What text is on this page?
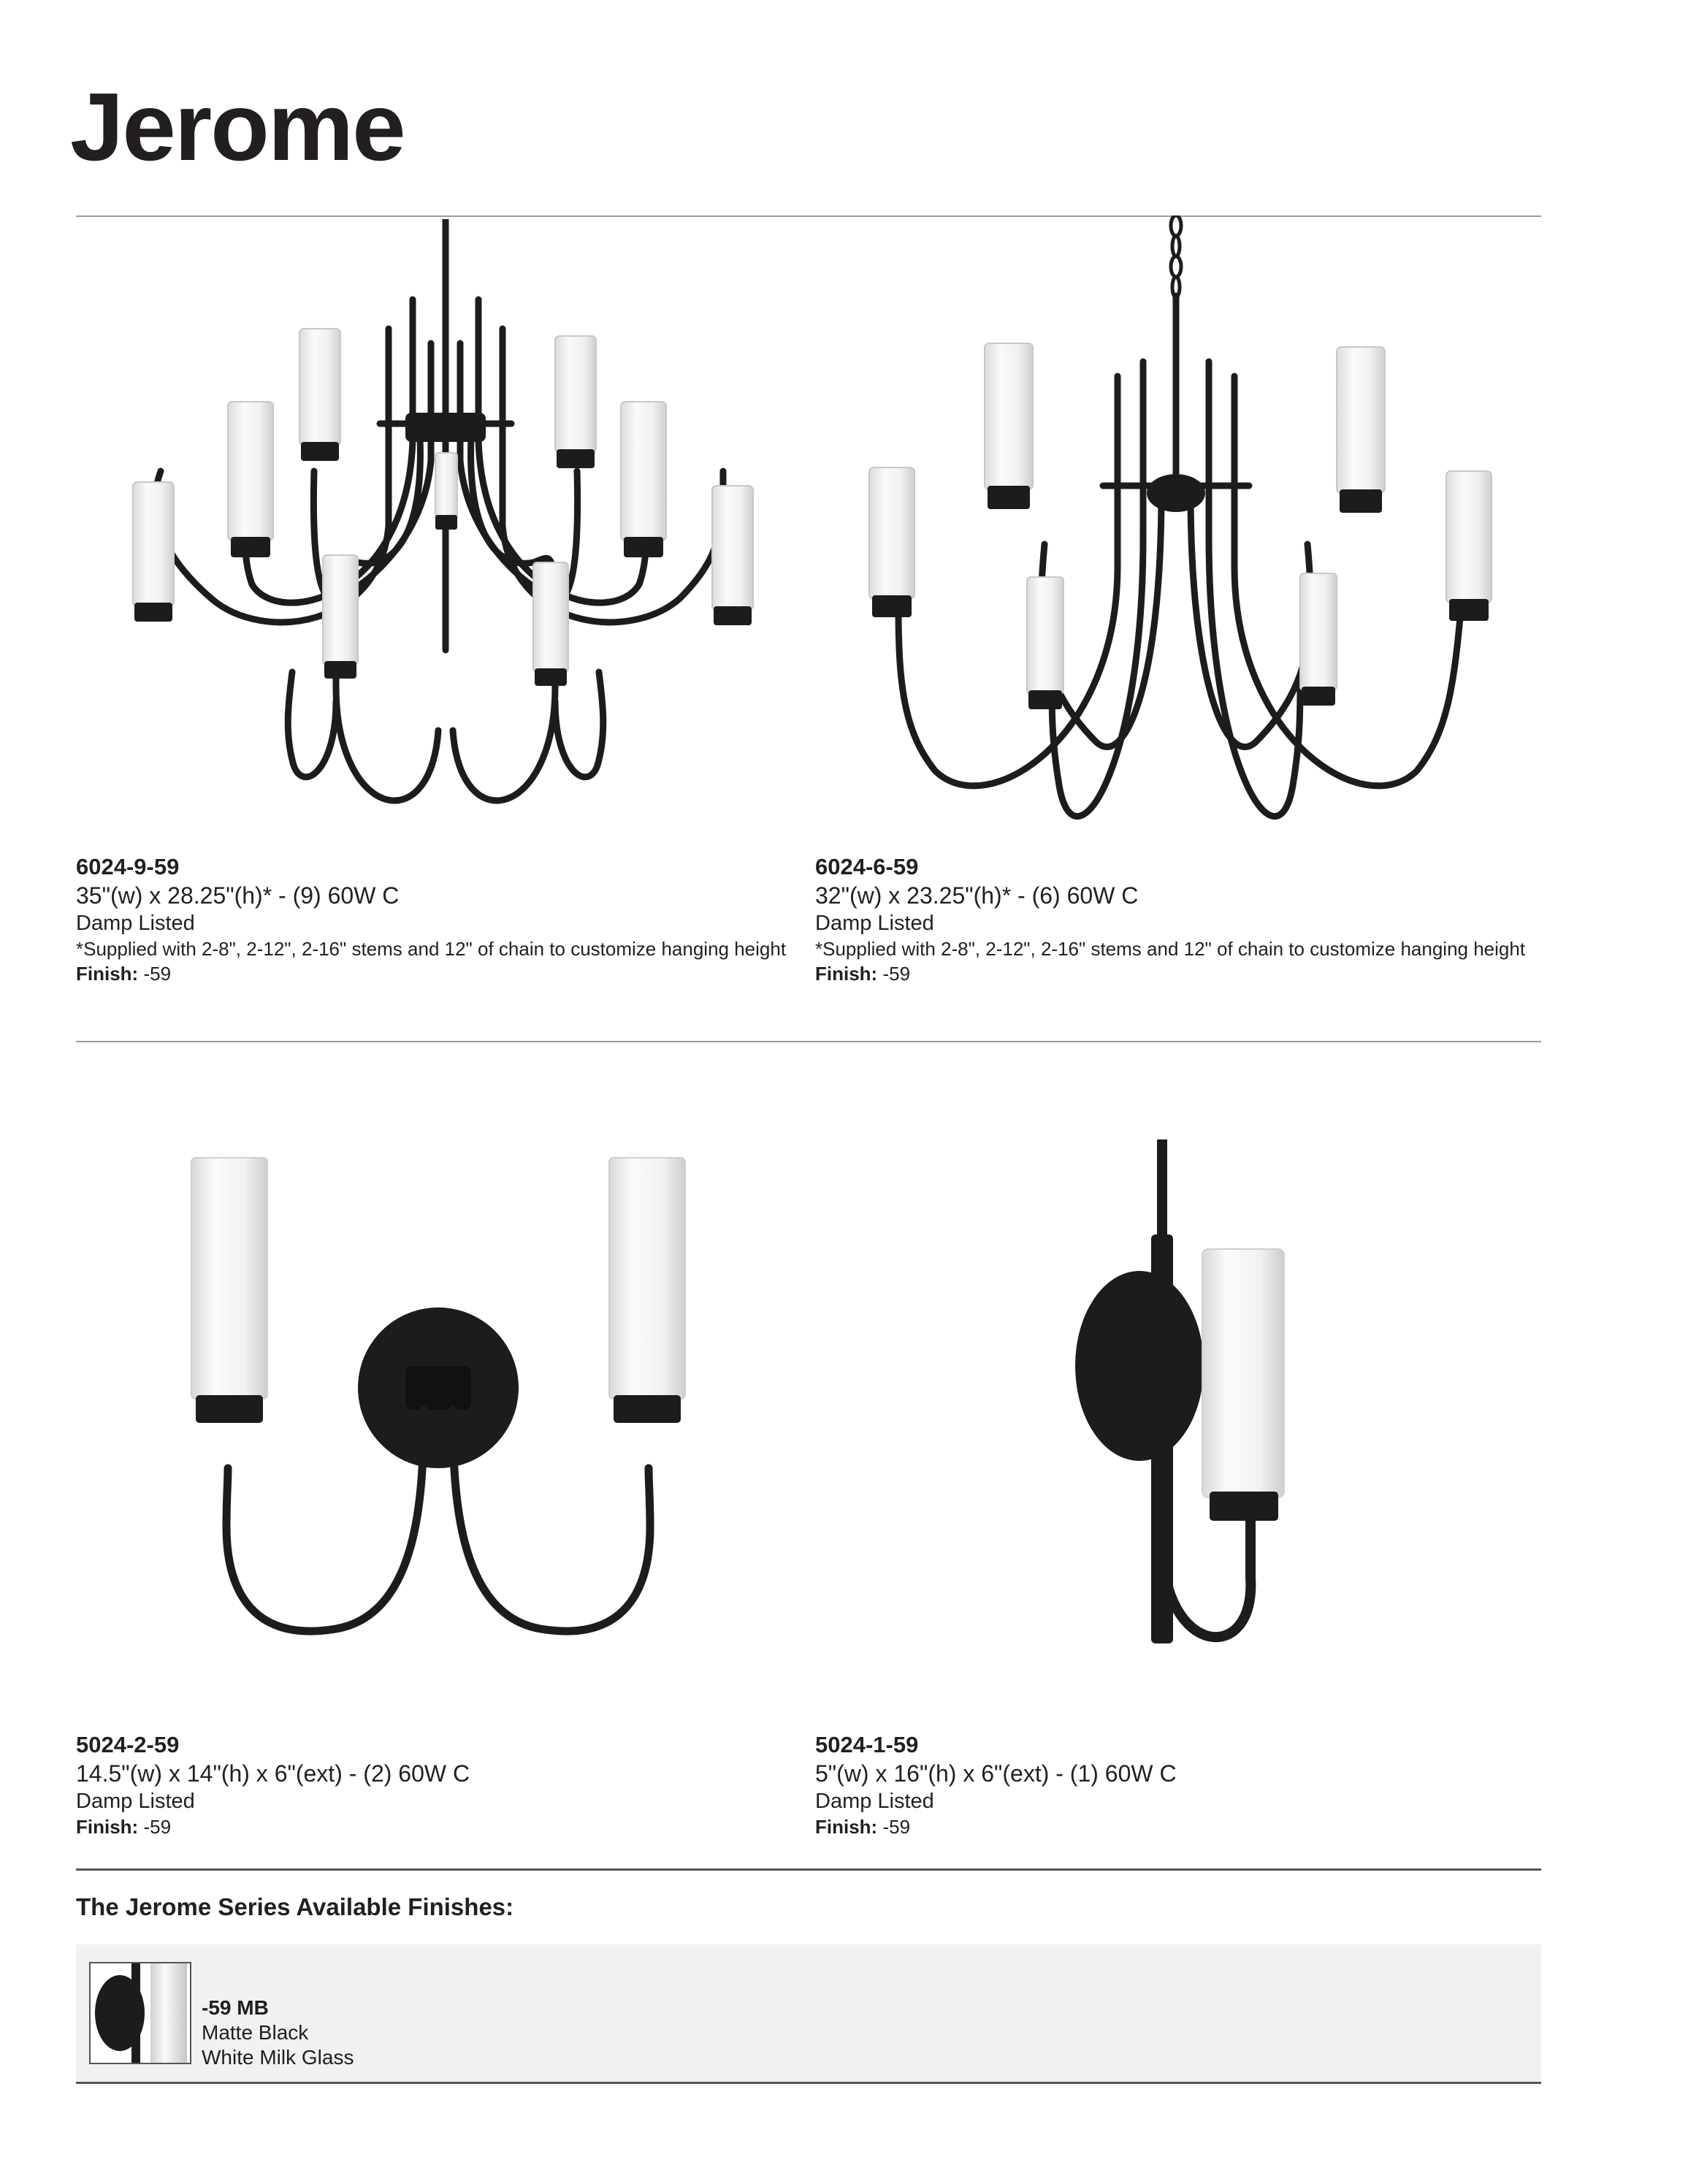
Jerome
6024-9-59
35"(w) x 28.25"(h)* - (9) 60W C
Damp Listed
*Supplied with 2-8", 2-12", 2-16" stems and 12" of chain to customize hanging height
Finish: -59
6024-6-59
32"(w) x 23.25"(h)* - (6) 60W C
Damp Listed
*Supplied with 2-8", 2-12", 2-16" stems and 12" of chain to customize hanging height
Finish: -59
5024-2-59
14.5"(w) x 14"(h) x 6"(ext) - (2) 60W C
Damp Listed
Finish: -59
5024-1-59
5"(w) x 16"(h) x 6"(ext) - (1) 60W C
Damp Listed
Finish: -59
The Jerome Series Available Finishes:
-59 MB
Matte Black
White Milk Glass
